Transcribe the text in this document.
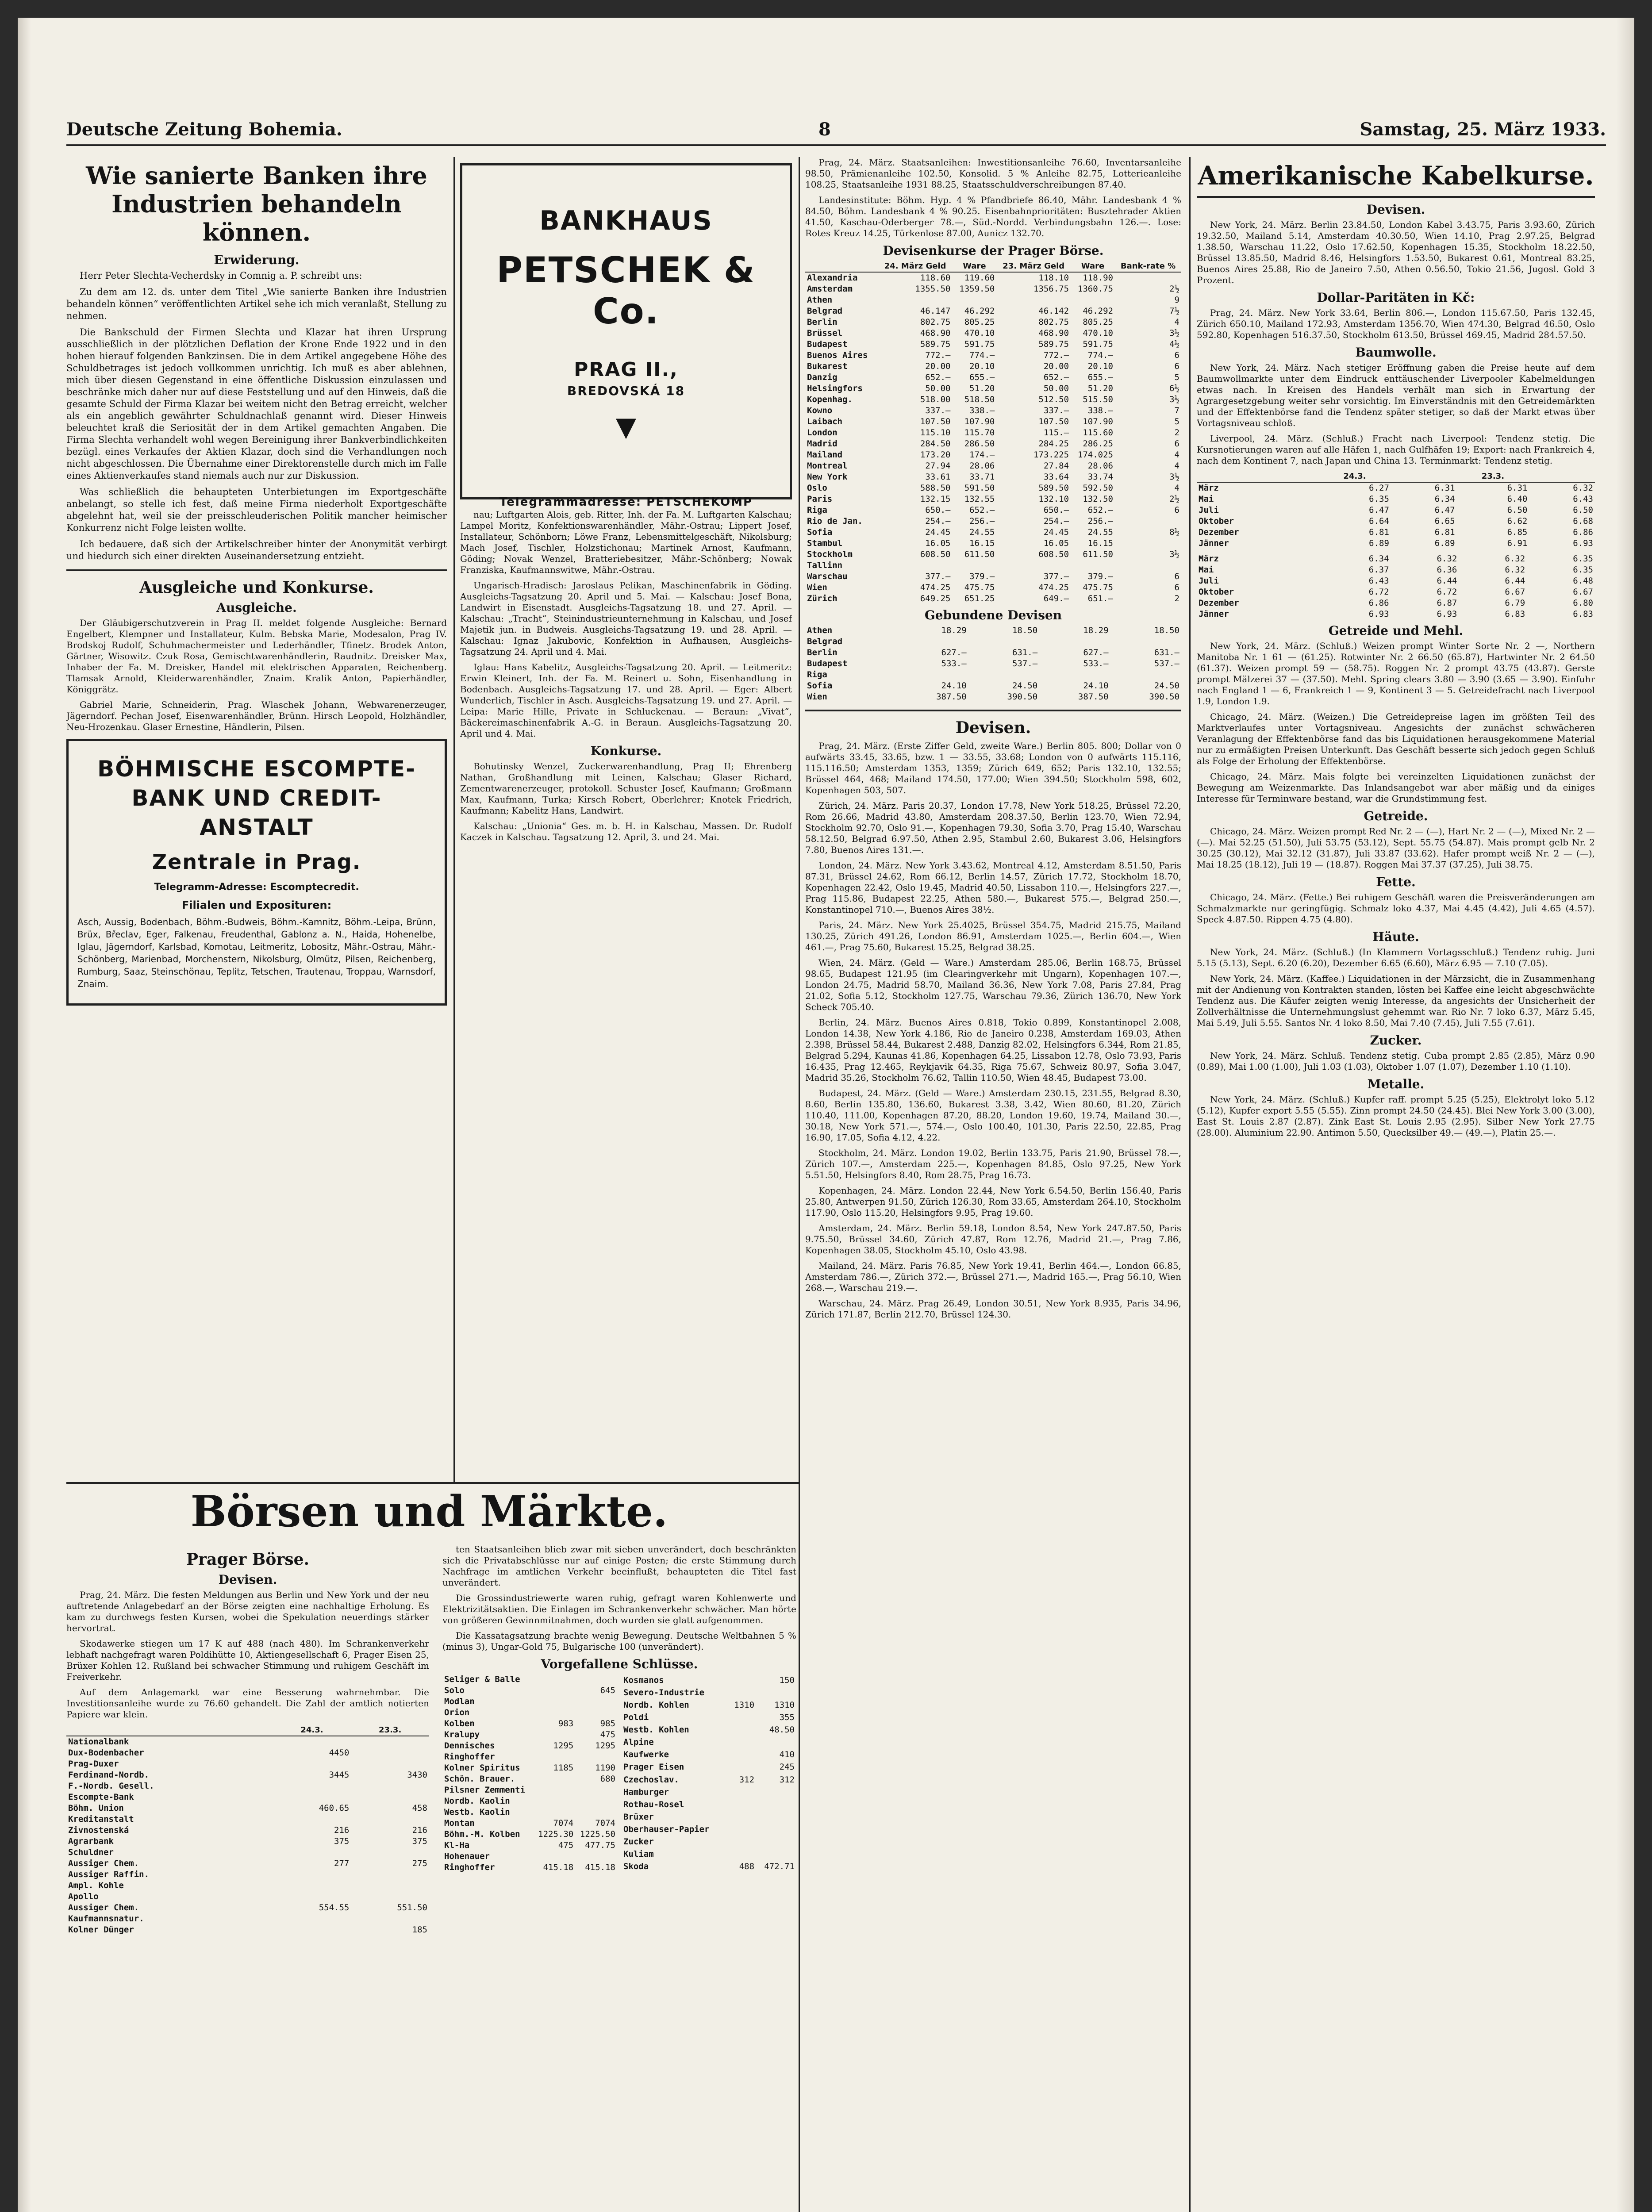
Deutsche Zeitung Bohemia.	8	Samstag, 25. März 1933.
Wie sanierte Banken ihre Industrien behandeln können.
Erwiderung.

Herr Peter Slechta-Vecherdsky in Comnig a. P. schreibt uns:

Zu dem am 12. ds. unter dem Titel „Wie sanierte Banken ihre Industrien behandeln können“ veröffentlichten Artikel sehe ich mich veranlaßt, Stellung zu nehmen.

Die Bankschuld der Firmen Slechta und Klazar hat ihren Ursprung ausschließlich in der plötzlichen Deflation der Krone Ende 1922 und in den hohen hierauf folgenden Bankzinsen. Die in dem Artikel angegebene Höhe des Schuldbetrages ist jedoch vollkommen unrichtig. Ich muß es aber ablehnen, mich über diesen Gegenstand in eine öffentliche Diskussion einzulassen und beschränke mich daher nur auf diese Feststellung und auf den Hinweis, daß die gesamte Schuld der Firma Klazar bei weitem nicht den Betrag erreicht, welcher als ein angeblich gewährter Schuldnachlaß genannt wird. Dieser Hinweis beleuchtet kraß die Seriosität der in dem Artikel gemachten Angaben. Die Firma Slechta verhandelt wohl wegen Bereinigung ihrer Bankverbindlichkeiten bezügl. eines Verkaufes der Aktien Klazar, doch sind die Verhandlungen noch nicht abgeschlossen. Die Übernahme einer Direktorenstelle durch mich im Falle eines Aktienverkaufes stand niemals auch nur zur Diskussion.

Was schließlich die behaupteten Unterbietungen im Exportgeschäfte anbelangt, so stelle ich fest, daß meine Firma niederholt Exportgeschäfte abgelehnt hat, weil sie der preisschleuderischen Politik mancher heimischer Konkurrenz nicht Folge leisten wollte.

Ich bedauere, daß sich der Artikelschreiber hinter der Anonymität verbirgt und hiedurch sich einer direkten Auseinandersetzung entzieht.

Ausgleiche und Konkurse.
Ausgleiche.

Der Gläubigerschutzverein in Prag II. meldet folgende Ausgleiche: Bernard Engelbert, Klempner und Installateur, Kulm. Bebska Marie, Modesalon, Prag IV. Brodskoj Rudolf, Schuhmachermeister und Lederhändler, Tfinetz. Brodek Anton, Gärtner, Wisowitz. Czuk Rosa, Gemischtwarenhändlerin, Raudnitz. Dreisker Max, Inhaber der Fa. M. Dreisker, Handel mit elektrischen Apparaten, Reichenberg. Tlamsak Arnold, Kleiderwarenhändler, Znaim. Kralik Anton, Papierhändler, Königgrätz.

Gabriel Marie, Schneiderin, Prag. Wlaschek Johann, Webwarenerzeuger, Jägerndorf. Pechan Josef, Eisenwarenhändler, Brünn. Hirsch Leopold, Holzhändler, Neu-Hrozenkau. Glaser Ernestine, Händlerin, Pilsen.

BÖHMISCHE ESCOMPTE-BANK UND CREDIT-ANSTALT
Zentrale in Prag.
Telegramm-Adresse: Escomptecredit.
Filialen und Exposituren:
Asch, Aussig, Bodenbach, Böhm.-Budweis, Böhm.-Kamnitz, Böhm.-Leipa, Brünn, Brüx, Břeclav, Eger, Falkenau, Freudenthal, Gablonz a. N., Haida, Hohenelbe, Iglau, Jägerndorf, Karlsbad, Komotau, Leitmeritz, Lobositz, Mähr.-Ostrau, Mähr.-Schönberg, Marienbad, Morchenstern, Nikolsburg, Olmütz, Pilsen, Reichenberg, Rumburg, Saaz, Steinschönau, Teplitz, Tetschen, Trautenau, Troppau, Warnsdorf, Znaim.
BANKHAUS
PETSCHEK & Co.
PRAG II.,
BREDOVSKÁ 18
▼
Telegrammadresse: PETSCHEKOMP

nau; Luftgarten Alois, geb. Ritter, Inh. der Fa. M. Luftgarten Kalschau; Lampel Moritz, Konfektionswarenhändler, Mähr.-Ostrau; Lippert Josef, Installateur, Schönborn; Löwe Franz, Lebensmittelgeschäft, Nikolsburg; Mach Josef, Tischler, Holzstichonau; Martinek Arnost, Kaufmann, Göding; Novak Wenzel, Bratteriebesitzer, Mähr.-Schönberg; Nowak Franziska, Kaufmannswitwe, Mähr.-Ostrau.

Ungarisch-Hradisch: Jaroslaus Pelikan, Maschinenfabrik in Göding. Ausgleichs-Tagsatzung 20. April und 5. Mai. — Kalschau: Josef Bona, Landwirt in Eisenstadt. Ausgleichs-Tagsatzung 18. und 27. April. — Kalschau: „Tracht“, Steinindustrieunternehmung in Kalschau, und Josef Majetik jun. in Budweis. Ausgleichs-Tagsatzung 19. und 28. April. — Kalschau: Ignaz Jakubovic, Konfektion in Aufhausen, Ausgleichs-Tagsatzung 24. April und 4. Mai.

Iglau: Hans Kabelitz, Ausgleichs-Tagsatzung 20. April. — Leitmeritz: Erwin Kleinert, Inh. der Fa. M. Reinert u. Sohn, Eisenhandlung in Bodenbach. Ausgleichs-Tagsatzung 17. und 28. April. — Eger: Albert Wunderlich, Tischler in Asch. Ausgleichs-Tagsatzung 19. und 27. April. — Leipa: Marie Hille, Private in Schluckenau. — Beraun: „Vivat“, Bäckereimaschinenfabrik A.-G. in Beraun. Ausgleichs-Tagsatzung 20. April und 4. Mai.

Konkurse.

Bohutinsky Wenzel, Zuckerwarenhandlung, Prag II; Ehrenberg Nathan, Großhandlung mit Leinen, Kalschau; Glaser Richard, Zementwarenerzeuger, protokoll. Schuster Josef, Kaufmann; Großmann Max, Kaufmann, Turka; Kirsch Robert, Oberlehrer; Knotek Friedrich, Kaufmann; Kabelitz Hans, Landwirt.

Kalschau: „Unionia“ Ges. m. b. H. in Kalschau, Massen. Dr. Rudolf Kaczek in Kalschau. Tagsatzung 12. April, 3. und 24. Mai.

Börsen und Märkte.
Prager Börse.
Devisen.

Prag, 24. März. Die festen Meldungen aus Berlin und New York und der neu auftretende Anlagebedarf an der Börse zeigten eine nachhaltige Erholung. Es kam zu durchwegs festen Kursen, wobei die Spekulation neuerdings stärker hervortrat.

Skodawerke stiegen um 17 K auf 488 (nach 480). Im Schrankenverkehr lebhaft nachgefragt waren Poldihütte 10, Aktiengesellschaft 6, Prager Eisen 25, Brüxer Kohlen 12. Rußland bei schwacher Stimmung und ruhigem Geschäft im Freiverkehr.

Auf dem Anlagemarkt war eine Besserung wahrnehmbar. Die Investitionsanleihe wurde zu 76.60 gehandelt. Die Zahl der amtlich notierten Papiere war klein.

	24.3.	23.3.
Nationalbank		
Dux-Bodenbacher	4450	
Prag-Duxer		
Ferdinand-Nordb.	3445	3430
F.-Nordb. Gesell.		
Escompte-Bank		
Böhm. Union	460.65	458
Kreditanstalt		
Zivnostenská	216	216
Agrarbank	375	375
Schuldner		
Aussiger Chem.	277	275
Aussiger Raffin.		
Ampl. Kohle		
Apollo		
Aussiger Chem.	554.55	551.50
Kaufmannsnatur.		
Kolner Dünger		185

ten Staatsanleihen blieb zwar mit sieben unverändert, doch beschränkten sich die Privatabschlüsse nur auf einige Posten; die erste Stimmung durch Nachfrage im amtlichen Verkehr beeinflußt, behaupteten die Titel fast unverändert.

Die Grossindustriewerte waren ruhig, gefragt waren Kohlenwerte und Elektrizitätsaktien. Die Einlagen im Schrankenverkehr schwächer. Man hörte von größeren Gewinnmitnahmen, doch wurden sie glatt aufgenommen.

Die Kassatagsatzung brachte wenig Bewegung. Deutsche Weltbahnen 5 % (minus 3), Ungar-Gold 75, Bulgarische 100 (unverändert).

Vorgefallene Schlüsse.
Seliger & Balle		
Solo		645
Modlan		
Orion		
Kolben	983	985
Kralupy		475
Dennisches	1295	1295
Ringhoffer		
Kolner Spiritus	1185	1190
Schön. Brauer.		680
Pilsner Zemmenti		
Nordb. Kaolin		
Westb. Kaolin		
Montan	7074	7074
Böhm.-M. Kolben	1225.30	1225.50
Kl-Ha	475	477.75
Hohenauer		
Ringhoffer	415.18	415.18
Kosmanos		150
Severo-Industrie		
Nordb. Kohlen	1310	1310
Poldi		355
Westb. Kohlen		48.50
Alpine		
Kaufwerke		410
Prager Eisen		245
Czechoslav.	312	312
Hamburger		
Rothau-Rosel		
Brüxer		
Oberhauser-Papier		
Zucker		
Kuliam		
Skoda	488	472.71

Prag, 24. März. Staatsanleihen: Inwestitionsanleihe 76.60, Inventarsanleihe 98.50, Prämienanleihe 102.50, Konsolid. 5 % Anleihe 82.75, Lotterieanleihe 108.25, Staatsanleihe 1931 88.25, Staatsschuldverschreibungen 87.40.

Landesinstitute: Böhm. Hyp. 4 % Pfandbriefe 86.40, Mähr. Landesbank 4 % 84.50, Böhm. Landesbank 4 % 90.25. Eisenbahnprioritäten: Busztehrader Aktien 41.50, Kaschau-Oderberger 78.—, Süd.-Nordd. Verbindungsbahn 126.—. Lose: Rotes Kreuz 14.25, Türkenlose 87.00, Aunicz 132.70.

Devisenkurse der Prager Börse.
	24. März Geld	Ware	23. März Geld	Ware	Bank-rate %
Alexandria	118.60	119.60	118.10	118.90	
Amsterdam	1355.50	1359.50	1356.75	1360.75	2½
Athen					9
Belgrad	46.147	46.292	46.142	46.292	7½
Berlin	802.75	805.25	802.75	805.25	4
Brüssel	468.90	470.10	468.90	470.10	3½
Budapest	589.75	591.75	589.75	591.75	4½
Buenos Aires	772.—	774.—	772.—	774.—	6
Bukarest	20.00	20.10	20.00	20.10	6
Danzig	652.—	655.—	652.—	655.—	5
Helsingfors	50.00	51.20	50.00	51.20	6½
Kopenhag.	518.00	518.50	512.50	515.50	3½
Kowno	337.—	338.—	337.—	338.—	7
Laibach	107.50	107.90	107.50	107.90	5
London	115.10	115.70	115.—	115.60	2
Madrid	284.50	286.50	284.25	286.25	6
Mailand	173.20	174.—	173.225	174.025	4
Montreal	27.94	28.06	27.84	28.06	4
New York	33.61	33.71	33.64	33.74	3½
Oslo	588.50	591.50	589.50	592.50	4
Paris	132.15	132.55	132.10	132.50	2½
Riga	650.—	652.—	650.—	652.—	6
Rio de Jan.	254.—	256.—	254.—	256.—	
Sofia	24.45	24.55	24.45	24.55	8½
Stambul	16.05	16.15	16.05	16.15	
Stockholm	608.50	611.50	608.50	611.50	3½
Tallinn					
Warschau	377.—	379.—	377.—	379.—	6
Wien	474.25	475.75	474.25	475.75	6
Zürich	649.25	651.25	649.—	651.—	2
Gebundene Devisen
Athen	18.29	18.50	18.29	18.50
Belgrad				
Berlin	627.—	631.—	627.—	631.—
Budapest	533.—	537.—	533.—	537.—
Riga				
Sofia	24.10	24.50	24.10	24.50
Wien	387.50	390.50	387.50	390.50
Devisen.

Prag, 24. März. (Erste Ziffer Geld, zweite Ware.) Berlin 805. 800; Dollar von 0 aufwärts 33.45, 33.65, bzw. 1 — 33.55, 33.68; London von 0 aufwärts 115.116, 115.116.50; Amsterdam 1353, 1359; Zürich 649, 652; Paris 132.10, 132.55; Brüssel 464, 468; Mailand 174.50, 177.00; Wien 394.50; Stockholm 598, 602, Kopenhagen 503, 507.

Zürich, 24. März. Paris 20.37, London 17.78, New York 518.25, Brüssel 72.20, Rom 26.66, Madrid 43.80, Amsterdam 208.37.50, Berlin 123.70, Wien 72.94, Stockholm 92.70, Oslo 91.—, Kopenhagen 79.30, Sofia 3.70, Prag 15.40, Warschau 58.12.50, Belgrad 6.97.50, Athen 2.95, Stambul 2.60, Bukarest 3.06, Helsingfors 7.80, Buenos Aires 131.—.

London, 24. März. New York 3.43.62, Montreal 4.12, Amsterdam 8.51.50, Paris 87.31, Brüssel 24.62, Rom 66.12, Berlin 14.57, Zürich 17.72, Stockholm 18.70, Kopenhagen 22.42, Oslo 19.45, Madrid 40.50, Lissabon 110.—, Helsingfors 227.—, Prag 115.86, Budapest 22.25, Athen 580.—, Bukarest 575.—, Belgrad 250.—, Konstantinopel 710.—, Buenos Aires 38½.

Paris, 24. März. New York 25.4025, Brüssel 354.75, Madrid 215.75, Mailand 130.25, Zürich 491.26, London 86.91, Amsterdam 1025.—, Berlin 604.—, Wien 461.—, Prag 75.60, Bukarest 15.25, Belgrad 38.25.

Wien, 24. März. (Geld — Ware.) Amsterdam 285.06, Berlin 168.75, Brüssel 98.65, Budapest 121.95 (im Clearingverkehr mit Ungarn), Kopenhagen 107.—, London 24.75, Madrid 58.70, Mailand 36.36, New York 7.08, Paris 27.84, Prag 21.02, Sofia 5.12, Stockholm 127.75, Warschau 79.36, Zürich 136.70, New York Scheck 705.40.

Berlin, 24. März. Buenos Aires 0.818, Tokio 0.899, Konstantinopel 2.008, London 14.38, New York 4.186, Rio de Janeiro 0.238, Amsterdam 169.03, Athen 2.398, Brüssel 58.44, Bukarest 2.488, Danzig 82.02, Helsingfors 6.344, Rom 21.85, Belgrad 5.294, Kaunas 41.86, Kopenhagen 64.25, Lissabon 12.78, Oslo 73.93, Paris 16.435, Prag 12.465, Reykjavik 64.35, Riga 75.67, Schweiz 80.97, Sofia 3.047, Madrid 35.26, Stockholm 76.62, Tallin 110.50, Wien 48.45, Budapest 73.00.

Budapest, 24. März. (Geld — Ware.) Amsterdam 230.15, 231.55, Belgrad 8.30, 8.60, Berlin 135.80, 136.60, Bukarest 3.38, 3.42, Wien 80.60, 81.20, Zürich 110.40, 111.00, Kopenhagen 87.20, 88.20, London 19.60, 19.74, Mailand 30.—, 30.18, New York 571.—, 574.—, Oslo 100.40, 101.30, Paris 22.50, 22.85, Prag 16.90, 17.05, Sofia 4.12, 4.22.

Stockholm, 24. März. London 19.02, Berlin 133.75, Paris 21.90, Brüssel 78.—, Zürich 107.—, Amsterdam 225.—, Kopenhagen 84.85, Oslo 97.25, New York 5.51.50, Helsingfors 8.40, Rom 28.75, Prag 16.73.

Kopenhagen, 24. März. London 22.44, New York 6.54.50, Berlin 156.40, Paris 25.80, Antwerpen 91.50, Zürich 126.30, Rom 33.65, Amsterdam 264.10, Stockholm 117.90, Oslo 115.20, Helsingfors 9.95, Prag 19.60.

Amsterdam, 24. März. Berlin 59.18, London 8.54, New York 247.87.50, Paris 9.75.50, Brüssel 34.60, Zürich 47.87, Rom 12.76, Madrid 21.—, Prag 7.86, Kopenhagen 38.05, Stockholm 45.10, Oslo 43.98.

Mailand, 24. März. Paris 76.85, New York 19.41, Berlin 464.—, London 66.85, Amsterdam 786.—, Zürich 372.—, Brüssel 271.—, Madrid 165.—, Prag 56.10, Wien 268.—, Warschau 219.—.

Warschau, 24. März. Prag 26.49, London 30.51, New York 8.935, Paris 34.96, Zürich 171.87, Berlin 212.70, Brüssel 124.30.

Amerikanische Kabelkurse.
Devisen.

New York, 24. März. Berlin 23.84.50, London Kabel 3.43.75, Paris 3.93.60, Zürich 19.32.50, Mailand 5.14, Amsterdam 40.30.50, Wien 14.10, Prag 2.97.25, Belgrad 1.38.50, Warschau 11.22, Oslo 17.62.50, Kopenhagen 15.35, Stockholm 18.22.50, Brüssel 13.85.50, Madrid 8.46, Helsingfors 1.53.50, Bukarest 0.61, Montreal 83.25, Buenos Aires 25.88, Rio de Janeiro 7.50, Athen 0.56.50, Tokio 21.56, Jugosl. Gold 3 Prozent.

Dollar-Paritäten in Kč:

Prag, 24. März. New York 33.64, Berlin 806.—, London 115.67.50, Paris 132.45, Zürich 650.10, Mailand 172.93, Amsterdam 1356.70, Wien 474.30, Belgrad 46.50, Oslo 592.80, Kopenhagen 516.37.50, Stockholm 613.50, Brüssel 469.45, Madrid 284.57.50.

Baumwolle.

New York, 24. März. Nach stetiger Eröffnung gaben die Preise heute auf dem Baumwollmarkte unter dem Eindruck enttäuschender Liverpooler Kabelmeldungen etwas nach. In Kreisen des Handels verhält man sich in Erwartung der Agrargesetzgebung weiter sehr vorsichtig. Im Einverständnis mit den Getreidemärkten und der Effektenbörse fand die Tendenz später stetiger, so daß der Markt etwas über Vortagsniveau schloß.

Liverpool, 24. März. (Schluß.) Fracht nach Liverpool: Tendenz stetig. Die Kursnotierungen waren auf alle Häfen 1, nach Gulfhäfen 19; Export: nach Frankreich 4, nach dem Kontinent 7, nach Japan und China 13. Terminmarkt: Tendenz stetig.

	24.3.		23.3.	
März	6.27	6.31	6.31	6.32
Mai	6.35	6.34	6.40	6.43
Juli	6.47	6.47	6.50	6.50
Oktober	6.64	6.65	6.62	6.68
Dezember	6.81	6.81	6.85	6.86
Jänner	6.89	6.89	6.91	6.93
März	6.34	6.32	6.32	6.35
Mai	6.37	6.36	6.32	6.35
Juli	6.43	6.44	6.44	6.48
Oktober	6.72	6.72	6.67	6.67
Dezember	6.86	6.87	6.79	6.80
Jänner	6.93	6.93	6.83	6.83
Getreide und Mehl.

New York, 24. März. (Schluß.) Weizen prompt Winter Sorte Nr. 2 —, Northern Manitoba Nr. 1 61 — (61.25). Rotwinter Nr. 2 66.50 (65.87), Hartwinter Nr. 2 64.50 (61.37). Weizen prompt 59 — (58.75). Roggen Nr. 2 prompt 43.75 (43.87). Gerste prompt Mälzerei 37 — (37.50). Mehl. Spring clears 3.80 — 3.90 (3.65 — 3.90). Einfuhr nach England 1 — 6, Frankreich 1 — 9, Kontinent 3 — 5. Getreidefracht nach Liverpool 1.9, London 1.9.

Chicago, 24. März. (Weizen.) Die Getreidepreise lagen im größten Teil des Marktverlaufes unter Vortagsniveau. Angesichts der zunächst schwächeren Veranlagung der Effektenbörse fand das bis Liquidationen herausgekommene Material nur zu ermäßigten Preisen Unterkunft. Das Geschäft besserte sich jedoch gegen Schluß als Folge der Erholung der Effektenbörse.

Chicago, 24. März. Mais folgte bei vereinzelten Liquidationen zunächst der Bewegung am Weizenmarkte. Das Inlandsangebot war aber mäßig und da einiges Interesse für Terminware bestand, war die Grundstimmung fest.

Getreide.

Chicago, 24. März. Weizen prompt Red Nr. 2 — (—), Hart Nr. 2 — (—), Mixed Nr. 2 — (—). Mai 52.25 (51.50), Juli 53.75 (53.12), Sept. 55.75 (54.87). Mais prompt gelb Nr. 2 30.25 (30.12), Mai 32.12 (31.87), Juli 33.87 (33.62). Hafer prompt weiß Nr. 2 — (—), Mai 18.25 (18.12), Juli 19 — (18.87). Roggen Mai 37.37 (37.25), Juli 38.75.

Fette.

Chicago, 24. März. (Fette.) Bei ruhigem Geschäft waren die Preisveränderungen am Schmalzmarkte nur geringfügig. Schmalz loko 4.37, Mai 4.45 (4.42), Juli 4.65 (4.57). Speck 4.87.50. Rippen 4.75 (4.80).

Häute.

New York, 24. März. (Schluß.) (In Klammern Vortagsschluß.) Tendenz ruhig. Juni 5.15 (5.13), Sept. 6.20 (6.20), Dezember 6.65 (6.60), März 6.95 — 7.10 (7.05).

New York, 24. März. (Kaffee.) Liquidationen in der Märzsicht, die in Zusammenhang mit der Andienung von Kontrakten standen, lösten bei Kaffee eine leicht abgeschwächte Tendenz aus. Die Käufer zeigten wenig Interesse, da angesichts der Unsicherheit der Zollverhältnisse die Unternehmungslust gehemmt war. Rio Nr. 7 loko 6.37, März 5.45, Mai 5.49, Juli 5.55. Santos Nr. 4 loko 8.50, Mai 7.40 (7.45), Juli 7.55 (7.61).

Zucker.

New York, 24. März. Schluß. Tendenz stetig. Cuba prompt 2.85 (2.85), März 0.90 (0.89), Mai 1.00 (1.00), Juli 1.03 (1.03), Oktober 1.07 (1.07), Dezember 1.10 (1.10).

Metalle.

New York, 24. März. (Schluß.) Kupfer raff. prompt 5.25 (5.25), Elektrolyt loko 5.12 (5.12), Kupfer export 5.55 (5.55). Zinn prompt 24.50 (24.45). Blei New York 3.00 (3.00), East St. Louis 2.87 (2.87). Zink East St. Louis 2.95 (2.95). Silber New York 27.75 (28.00). Aluminium 22.90. Antimon 5.50, Quecksilber 49.— (49.—), Platin 25.—.
